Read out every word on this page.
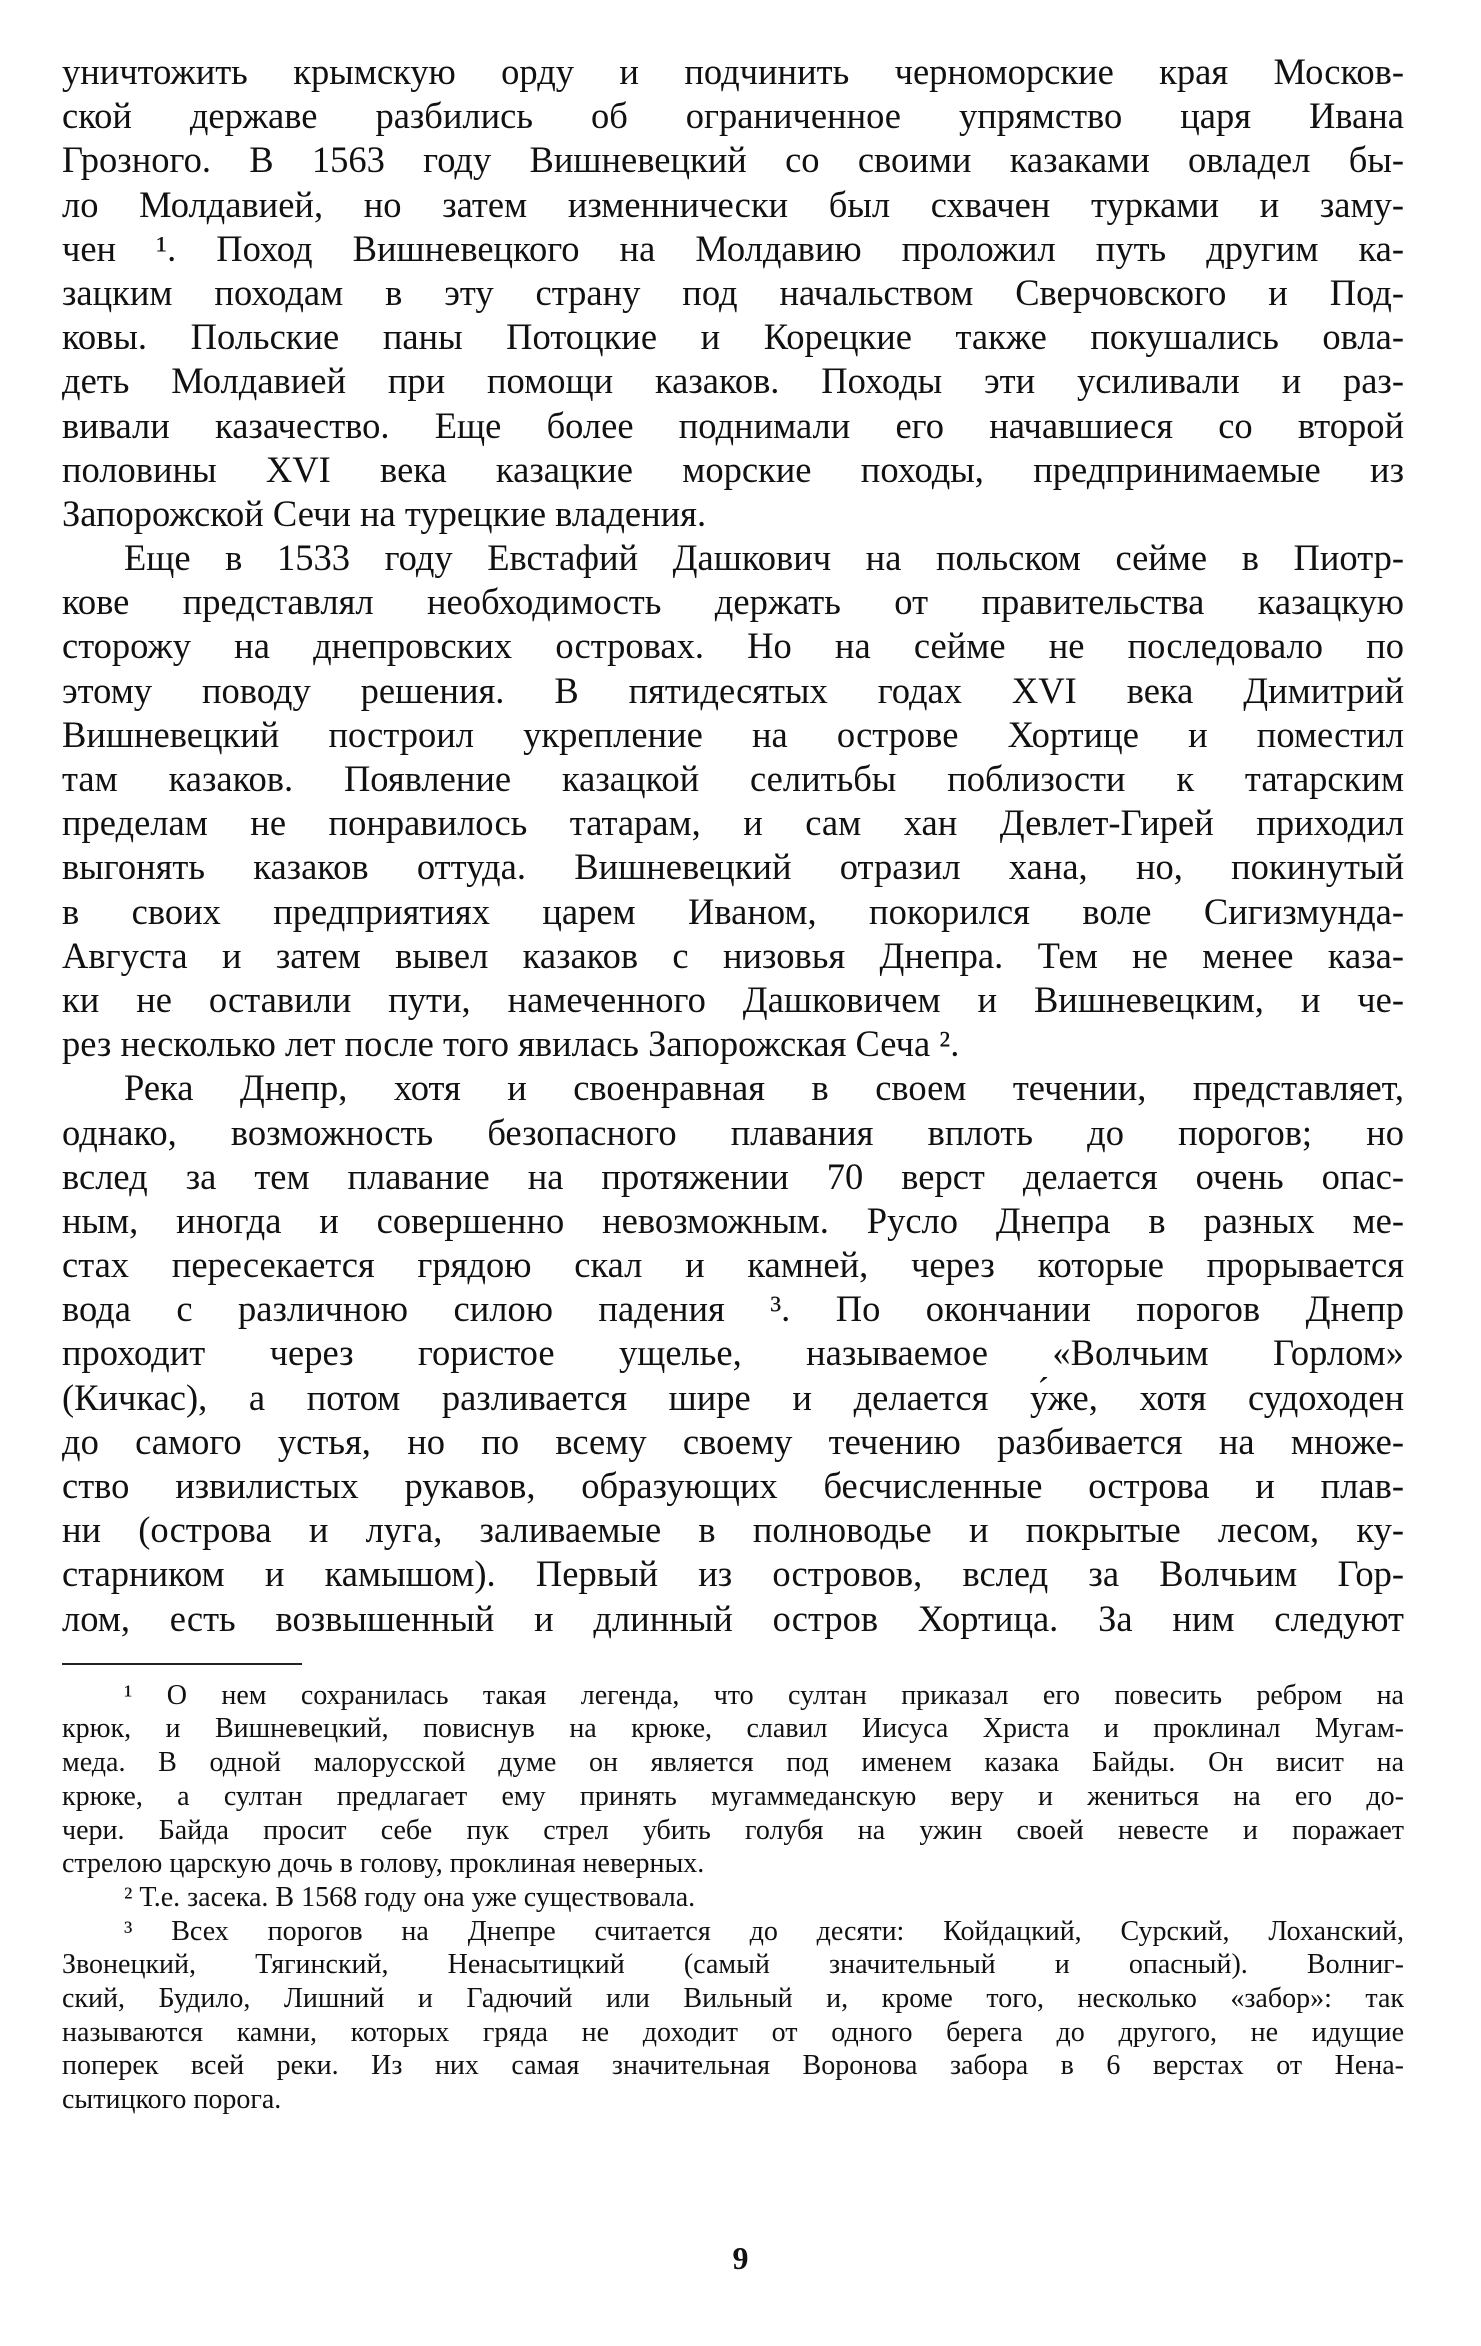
уничтожить крымскую орду и подчинить черноморские края Москов-
ской державе разбились об ограниченное упрямство царя Ивана
Грозного. В 1563 году Вишневецкий со своими казаками овладел бы-
ло Молдавией, но затем изменнически был схвачен турками и заму-
чен ¹. Поход Вишневецкого на Молдавию проложил путь другим ка-
зацким походам в эту страну под начальством Сверчовского и Под-
ковы. Польские паны Потоцкие и Корецкие также покушались овла-
деть Молдавией при помощи казаков. Походы эти усиливали и раз-
вивали казачество. Еще более поднимали его начавшиеся со второй
половины XVI века казацкие морские походы, предпринимаемые из
Запорожской Сечи на турецкие владения.
Еще в 1533 году Евстафий Дашкович на польском сейме в Пиотр-
кове представлял необходимость держать от правительства казацкую
сторожу на днепровских островах. Но на сейме не последовало по
этому поводу решения. В пятидесятых годах XVI века Димитрий
Вишневецкий построил укрепление на острове Хортице и поместил
там казаков. Появление казацкой селитьбы поблизости к татарским
пределам не понравилось татарам, и сам хан Девлет-Гирей приходил
выгонять казаков оттуда. Вишневецкий отразил хана, но, покинутый
в своих предприятиях царем Иваном, покорился воле Сигизмунда-
Августа и затем вывел казаков с низовья Днепра. Тем не менее каза-
ки не оставили пути, намеченного Дашковичем и Вишневецким, и че-
рез несколько лет после того явилась Запорожская Сеча ².
Река Днепр, хотя и своенравная в своем течении, представляет,
однако, возможность безопасного плавания вплоть до порогов; но
вслед за тем плавание на протяжении 70 верст делается очень опас-
ным, иногда и совершенно невозможным. Русло Днепра в разных ме-
стах пересекается грядою скал и камней, через которые прорывается
вода с различною силою падения ³. По окончании порогов Днепр
проходит через гористое ущелье, называемое «Волчьим Горлом»
(Кичкас), а потом разливается шире и делается у́же, хотя судоходен
до самого устья, но по всему своему течению разбивается на множе-
ство извилистых рукавов, образующих бесчисленные острова и плав-
ни (острова и луга, заливаемые в полноводье и покрытые лесом, ку-
старником и камышом). Первый из островов, вслед за Волчьим Гор-
лом, есть возвышенный и длинный остров Хортица. За ним следуют
¹ О нем сохранилась такая легенда, что султан приказал его повесить ребром на
крюк, и Вишневецкий, повиснув на крюке, славил Иисуса Христа и проклинал Мугам-
меда. В одной малорусской думе он является под именем казака Байды. Он висит на
крюке, а султан предлагает ему принять мугаммеданскую веру и жениться на его до-
чери. Байда просит себе пук стрел убить голубя на ужин своей невесте и поражает
стрелою царскую дочь в голову, проклиная неверных.
² Т.е. засека. В 1568 году она уже существовала.
³ Всех порогов на Днепре считается до десяти: Койдацкий, Сурский, Лоханский,
Звонецкий, Тягинский, Ненасытицкий (самый значительный и опасный). Волниг-
ский, Будило, Лишний и Гадючий или Вильный и, кроме того, несколько «забор»: так
называются камни, которых гряда не доходит от одного берега до другого, не идущие
поперек всей реки. Из них самая значительная Воронова забора в 6 верстах от Нена-
сытицкого порога.
9
